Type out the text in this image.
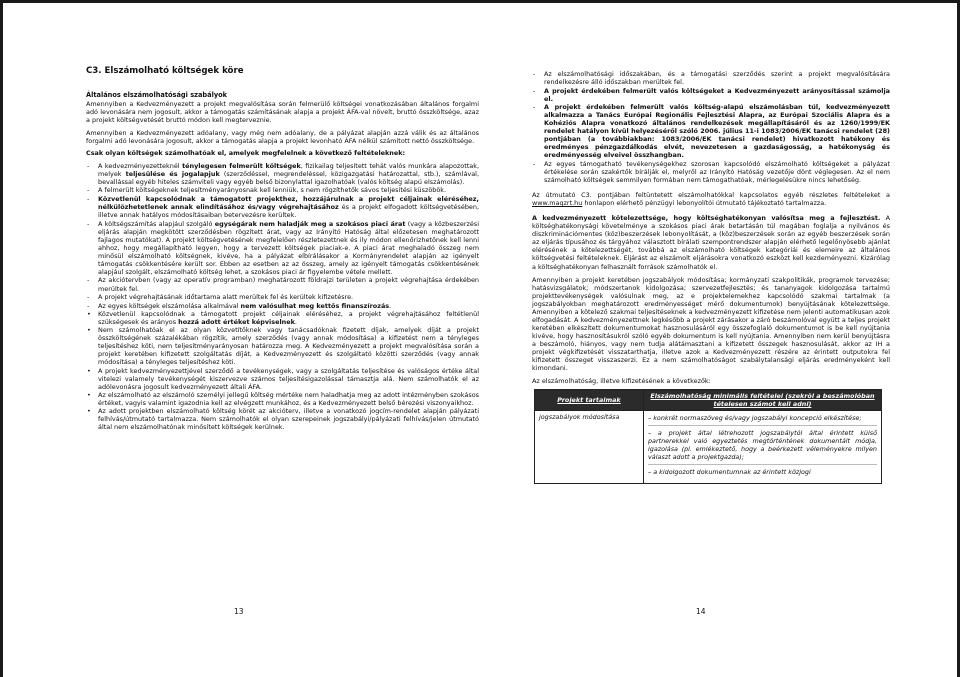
C3. Elszámolható költségek köre
Általános elszámolhatósági szabályok

Amennyiben a Kedvezményezett a projekt megvalósítása során felmerülő költségei vonatkozásában általános forgalmi adó levonására nem jogosult, akkor a támogatás számításának alapja a projekt ÁFA-val növelt, bruttó összköltsége, azaz a projekt költségvetését bruttó módon kell megterveznie.

Amennyiben a Kedvezményezett adóalany, vagy még nem adóalany, de a pályázat alapján azzá válik és az általános forgalmi adó levonására jogosult, akkor a támogatás alapja a projekt levonható ÁFA nélkül számított nettó összköltsége.

Csak olyan költségek számolhatóak el, amelyek megfelelnek a következő feltételeknek:

- A kedvezményezetteknél ténylegesen felmerült költségek, fizikailag teljesített tehát valós munkára alapozottak, melyek teljesülése és jogalapjuk (szerződéssel, megrendeléssel, közigazgatási határozattal, stb.), számlával, bevallással egyéb hiteles számviteli vagy egyéb belső bizonylattal igazolhatóak (valós költség alapú elszámolás).
- A felmerült költségeknek teljesítményarányosnak kell lenniük, s nem rögzíthetők sávos teljesítési küszöbök.
- Közvetlenül kapcsolódnak a támogatott projekthez, hozzájárulnak a projekt céljainak eléréséhez, nélkülözhetetlenek annak elindításához és/vagy végrehajtásához és a projekt elfogadott költségvetésében, illetve annak hatályos módosításaiban betervezésre kerültek.
- A költségszámítás alapjául szolgáló egységárak nem haladják meg a szokásos piaci árat (vagy a közbeszerzési eljárás alapján megkötött szerződésben rögzített árat, vagy az Irányító Hatóság által előzetesen meghatározott fajlagos mutatókat). A projekt költségvetésének megfelelően részletezettnek és ily módon ellenőrizhetőnek kell lenni ahhoz, hogy megállapítható legyen, hogy a tervezett költségek piaciak-e. A piaci árat meghaladó összeg nem minősül elszámolható költségnek, kivéve, ha a pályázat elbírálásakor a Kormányrendelet alapján az igényelt támogatás csökkentésére került sor. Ebben az esetben az az összeg, amely az igényelt támogatás csökkentésének alapjául szolgált, elszámolható költség lehet, a szokásos piaci ár figyelembe vétele mellett.
- Az akciótervben (vagy az operatív programban) meghatározott földrajzi területen a projekt végrehajtása érdekében merültek fel.
- A projekt végrehajtásának időtartama alatt merültek fel és kerültek kifizetésre.
- Az egyes költségek elszámolása alkalmával nem valósulhat meg kettős finanszírozás.
• Közvetlenül kapcsolódnak a támogatott projekt céljainak eléréséhez, a projekt végrehajtásához feltétlenül szükségesek és arányos hozzá adott értéket képviselnek.
• Nem számolhatóak el az olyan közvetítőknek vagy tanácsadóknak fizetett díjak, amelyek díját a projekt összköltségének százalékában rögzítik, amely szerződés (vagy annak módosítása) a kifizetést nem a tényleges teljesítéshez köti, nem teljesítményarányosan határozza meg. A Kedvezményezett a projekt megvalósítása során a projekt keretében kifizetett szolgáltatás díját, a Kedvezményezett és szolgáltató közötti szerződés (vagy annak módosítása) a tényleges teljesítéshez köti.
• A projekt kedvezményezettjével szerződő a tevékenységek, vagy a szolgáltatás teljesítése és valóságos értéke által vitelezi valamely tevékenységét kiszervezve számos teljesítésigazolással támasztja alá. Nem számolhatók el az adólevonásra jogosult kedvezményezett általi ÁFA.
• Az elszámolható az elszámoló személyi jellegű költség mértéke nem haladhatja meg az adott intézményben szokásos értéket, vagyis valamint igazodnia kell az elvégzett munkához, és a Kedvezményezett belső bérezési viszonyaikhoz.
• Az adott projektben elszámolható költség körét az akcióterv, illetve a vonatkozó jogcím-rendelet alapján pályázati felhívás/útmutató tartalmazza. Nem számolhatók el olyan szerepeinek jogszabályi/pályázati felhívás/jelen útmutató által nem elszámolhatónak minősített költségek kerülnek.
13
- Az elszámolhatósági időszakában, és a támogatási szerződés szerint a projekt megvalósítására rendelkezésre álló időszakban merültek fel.
- A projekt érdekében felmerült valós költségeket a Kedvezményezett arányosítással számolja el.
- A projekt érdekében felmerült valós költség-alapú elszámolásban túl, kedvezményezett alkalmazza a Tanács Európai Regionális Fejlesztési Alapra, az Európai Szociális Alapra és a Kohéziós Alapra vonatkozó általános rendelkezések megállapításáról és az 1260/1999/EK rendelet hatályon kívül helyezéséről szóló 2006. július 11-i 1083/2006/EK tanácsi rendelet (28) pontjában (a továbbiakban: 1083/2006/EK tanácsi rendelet) hivatkozott hatékony és eredményes pénzgazdálkodás elvét, nevezetesen a gazdaságosság, a hatékonyság és eredményesség elveivel összhangban.
- Az egyes támogatható tevékenységekhez szorosan kapcsolódó elszámolható költségeket a pályázat értékelése során szakértők bírálják el, melyről az Irányító Hatóság vezetője dönt véglegesen. Az el nem számolható költségek semmilyen formában nem támogathatóak, mérlegelésükre nincs lehetőség.

Az útmutató C3. pontjában feltüntetett elszámolhatókkal kapcsolatos egyéb részletes feltételeket a www.magzrt.hu honlapon elérhető pénzügyi lebonyolítói útmutató tájékoztató tartalmazza.

A kedvezményezett kötelezettsége, hogy költséghatékonyan valósítsa meg a fejlesztést. A költséghatékonysági követelménye a szokásos piaci árak betartásán túl magában foglalja a nyilvános és diszkriminációmentes (köz)beszerzések lebonyolítását, a (köz)beszerzések során az egyéb beszerzések során az eljárás típusához és tárgyához választott bírálati szempontrendszer alapján elérhető legelőnyösebb ajánlat elérésének a kötelezettségét, továbbá az elszámolható költségek kategóriái és elemeire az általános költségvetési feltételeknek. Eljárást az elszámolt eljárásokra vonatkozó eszközt kell kezdeményezni. Kizárólag a költséghatékonyan felhasznált források számolhatók el.

Amennyiben a projekt keretében jogszabályok módosítása; kormányzati szakpolitikák, programok tervezése; hatásvizsgálatok; módszertanok kidolgozása; szervezetfejlesztés; és tananyagok kidolgozása tartalmú projekttevékenységek valósulnak meg, az e projektelemekhez kapcsolódó szakmai tartalmak (a jogszabályokban meghatározott eredményességet mérő dokumentumok) benyújtásának kötelezettsége. Amennyiben a kötelező szakmai teljesítéseknek a kedvezményezett kifizetése nem jelenti automatikusan azok elfogadását. A kedvezményezettnek legkésőbb a projekt zárásakor a záró beszámolóval együtt a teljes projekt keretében elkészített dokumentumokat hasznosulásáról egy összefoglaló dokumentumot is be kell nyújtania kivéve, hogy hasznosításukról szóló egyéb dokumentum is kell nyújtania. Amennyiben nem kerül benyújtásra a beszámoló, hiányos, vagy nem tudja alátámasztani a kifizetett összegek hasznosulását, akkor az IH a projekt végkifizetését visszatarthatja, illetve azok a Kedvezményezett részére az érintett outputokra fel kifizetett összeget visszaszerzi. Ez a nem számolhatóságot szabálytalansági eljárás eredményeként kell kimondani.

Az elszámolhatóság, illetve kifizetésének a következők:

Projekt tartalmak	Elszámolhatóság minimális feltételei (szekrõl a beszámolóban tételesen számot kell adni)
jogszabályok módosítása	– konkrét normaszöveg és/vagy jogszabályi koncepció elkészítése;
– a projekt által létrehozott jogszabálytól által érintett külső partnerekkel való egyeztetés megtörténtének dokumentált módja, igazolása (pl. emlékeztető, hogy a beérkezett véleményekre milyen választ adott a projektgazda);
– a kidolgozott dokumentumnak az érintett közjogi
14
